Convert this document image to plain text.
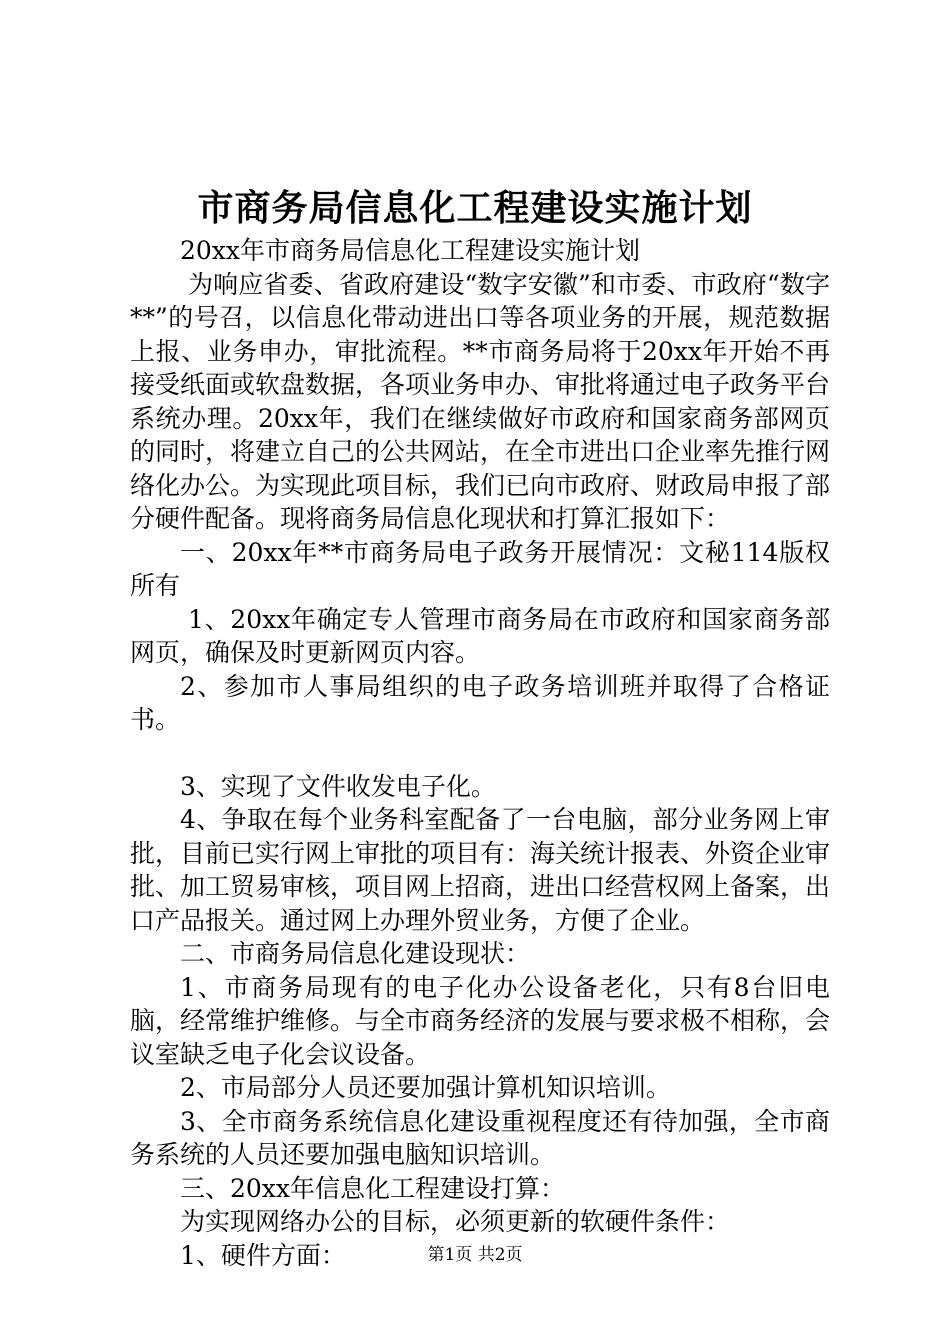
市商务局信息化工程建设实施计划

20xx年市商务局信息化工程建设实施计划

为响应省委、省政府建设“数字安徽”和市委、市政府“数字**”的号召，以信息化带动进出口等各项业务的开展，规范数据上报、业务申办，审批流程。**市商务局将于20xx年开始不再接受纸面或软盘数据，各项业务申办、审批将通过电子政务平台系统办理。20xx年，我们在继续做好市政府和国家商务部网页的同时，将建立自己的公共网站，在全市进出口企业率先推行网络化办公。为实现此项目标，我们已向市政府、财政局申报了部分硬件配备。现将商务局信息化现状和打算汇报如下：

一、20xx年**市商务局电子政务开展情况：文秘114版权所有

1、20xx年确定专人管理市商务局在市政府和国家商务部网页，确保及时更新网页内容。

2、参加市人事局组织的电子政务培训班并取得了合格证书。

3、实现了文件收发电子化。

4、争取在每个业务科室配备了一台电脑，部分业务网上审批，目前已实行网上审批的项目有：海关统计报表、外资企业审批、加工贸易审核，项目网上招商，进出口经营权网上备案，出口产品报关。通过网上办理外贸业务，方便了企业。

二、市商务局信息化建设现状：

1、市商务局现有的电子化办公设备老化，只有8台旧电脑，经常维护维修。与全市商务经济的发展与要求极不相称，会议室缺乏电子化会议设备。

2、市局部分人员还要加强计算机知识培训。

3、全市商务系统信息化建设重视程度还有待加强，全市商务系统的人员还要加强电脑知识培训。

三、20xx年信息化工程建设打算：

为实现网络办公的目标，必须更新的软硬件条件：

1、硬件方面：	第1页 共2页
